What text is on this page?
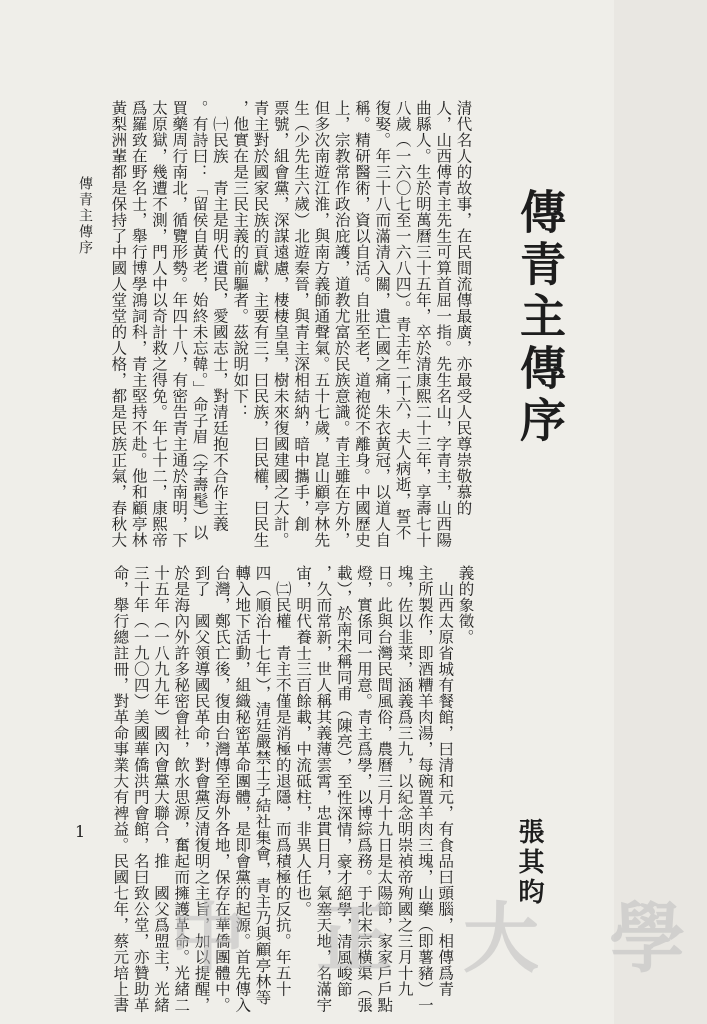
傳青主傳序
張其昀
傳青主傳序
1
清代名人的故事，在民間流傳最廣，亦最受人民尊崇敬慕的
人，山西傅青主先生可算首屈一指。先生名山，字青主，山西陽
曲縣人。生於明萬曆三十五年，卒於清康熙二十三年，享壽七十
八歲（一六〇七至一六八四）。青主年二十六，夫人病逝，誓不
復娶。年三十八而滿清入關，遺亡國之痛，朱衣黃冠，以道人自
稱。精研醫術，資以自活。自壯至老，道袍從不離身。中國歷史
上，宗教常作政治庇護，道教尤富於民族意識。青主雖在方外，
但多次南遊江淮，與南方義師通聲氣。五十七歲，崑山顧亭林先
生（少先生六歲）北遊秦晉，與青主深相結納，暗中攜手，創
票號，組會黨，深謀遠慮，棲棲皇皇，樹未來復國建國之大計。
青主對於國家民族的貢獻，主要有三，曰民族，曰民權，曰民生
，他實在是三民主義的前驅者。茲說明如下：
　㈠民族　青主是明代遺民，愛國志士，對清廷抱不合作主義
。有詩曰：「留侯自黃老，始終未忘韓。」命子眉（字壽髦）以
買藥周行南北，循覽形勢。年四十八，有密告青主通於南明，下
太原獄，幾遭不測，門人中以奇計救之得免。年七十二，康熙帝
爲羅致在野名士，舉行博學鴻詞科，青主堅持不赴。他和顧亭林
黃梨洲輩都是保持了中國人堂堂的人格，都是民族正氣，春秋大
義的象徵。
　山西太原省城有餐館，曰清和元，有食品曰頭腦，相傳爲青
主所製作，即酒糟羊肉湯，每碗置羊肉三塊，山藥（即薯豬）一
塊，佐以韭菜，涵義爲三九，以紀念明崇禎帝殉國之三月十九
日。此與台灣民間風俗，農曆三月十九日是太陽節，家家戶戶點
燈，實係同一用意。青主爲學，以博綜爲務。于北宋宗橫渠（張
載），於南宋稱同甫（陳亮），至性深情，豪才絕學，清風峻節
，久而常新，世人稱其義薄雲霄，忠貫日月，氣塞天地，名滿宇
宙，明代養士三百餘載，中流砥柱，非異人任也。
　㈡民權　青主不僅是消極的退隱，而爲積極的反抗。年五十
四（順治十七年），清廷嚴禁士子結社集會，青主乃與顧亭林等
轉入地下活動，組織秘密革命團體，是即會黨的起源。首先傳入
台灣，鄭氏亡後，復由台灣傳至海外各地，保存在華僑團體中。
到了　國父領導國民革命，對會黨反清復明之主旨，加以提醒，
於是海內外許多秘密會社，飲水思源，奮起而擁護革命。光緒二
十五年（一八九九年）國內會黨大聯合，推　國父爲盟主，光緒
三十年（一九〇四）美國華僑洪門會館，名曰致公堂，亦贊助革
命，舉行總註冊，對革命事業大有裨益。民國七年，蔡元培上書 中 正 大 學
